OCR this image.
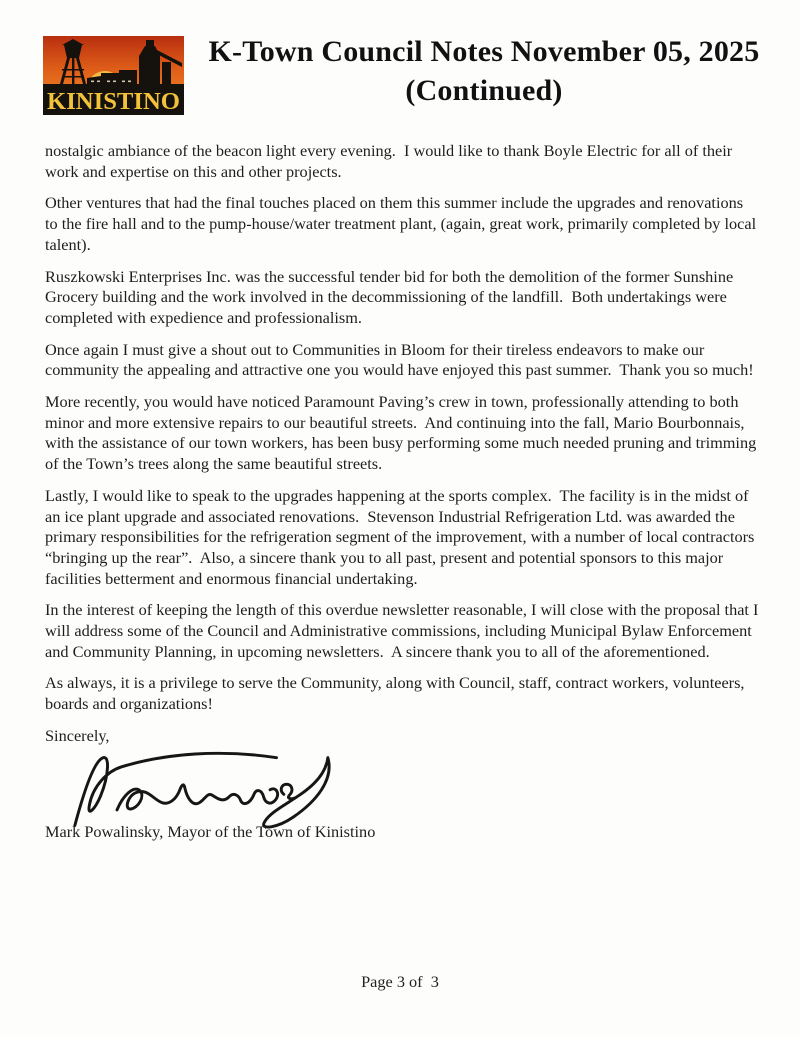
KINISTINO
K-Town Council Notes November 05, 2025
(Continued)

nostalgic ambiance of the beacon light every evening.  I would like to thank Boyle Electric for all of their work and expertise on this and other projects.

Other ventures that had the final touches placed on them this summer include the upgrades and renovations to the fire hall and to the pump-house/water treatment plant, (again, great work, primarily completed by local talent).

Ruszkowski Enterprises Inc. was the successful tender bid for both the demolition of the former Sunshine Grocery building and the work involved in the decommissioning of the landfill.  Both undertakings were completed with expedience and professionalism.

Once again I must give a shout out to Communities in Bloom for their tireless endeavors to make our community the appealing and attractive one you would have enjoyed this past summer.  Thank you so much!

More recently, you would have noticed Paramount Paving’s crew in town, professionally attending to both minor and more extensive repairs to our beautiful streets.  And continuing into the fall, Mario Bourbonnais, with the assistance of our town workers, has been busy performing some much needed pruning and trimming of the Town’s trees along the same beautiful streets.

Lastly, I would like to speak to the upgrades happening at the sports complex.  The facility is in the midst of an ice plant upgrade and associated renovations.  Stevenson Industrial Refrigeration Ltd. was awarded the primary responsibilities for the refrigeration segment of the improvement, with a number of local contractors “bringing up the rear”.  Also, a sincere thank you to all past, present and potential sponsors to this major facilities betterment and enormous financial undertaking.

In the interest of keeping the length of this overdue newsletter reasonable, I will close with the proposal that I will address some of the Council and Administrative commissions, including Municipal Bylaw Enforcement and Community Planning, in upcoming newsletters.  A sincere thank you to all of the aforementioned.

As always, it is a privilege to serve the Community, along with Council, staff, contract workers, volunteers, boards and organizations!

Sincerely,

Mark Powalinsky, Mayor of the Town of Kinistino

Page 3 of  3
